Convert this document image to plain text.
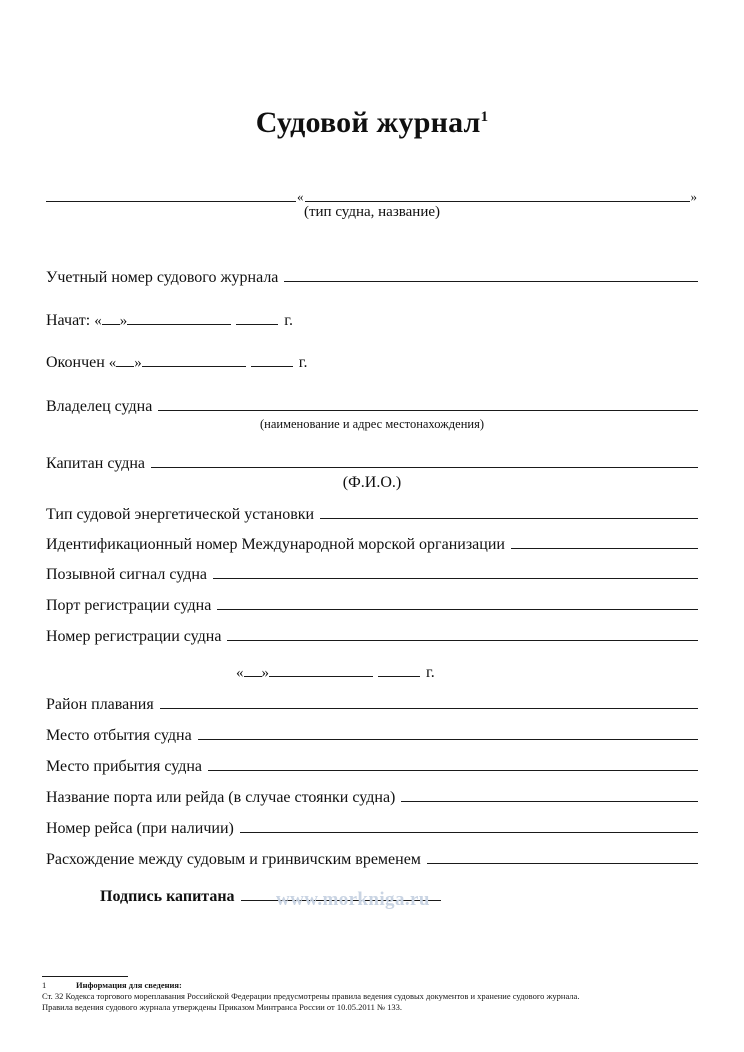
Судовой журнал$^1$
«	»
(тип судна, название)
Учетный номер судового журнала
Начат: « »	г.
Окончен « »	г.
Владелец судна
(наименование и адрес местонахождения)
Капитан судна
(Ф.И.О.)
Тип судовой энергетической установки
Идентификационный номер Международной морской организации
Позывной сигнал судна
Порт регистрации судна
Номер регистрации судна
« »	г.
Район плавания
Место отбытия судна
Место прибытия судна
Название порта или рейда (в случае стоянки судна)
Номер рейса (при наличии)
Расхождение между судовым и гринвичским временем
Подпись капитана www.morkniga.ru
1	Информация для сведения:
Ст. 32 Кодекса торгового мореплавания Российской Федерации предусмотрены правила ведения судовых документов и хранение судового журнала.
Правила ведения судового журнала утверждены Приказом Минтранса России от 10.05.2011 № 133.
